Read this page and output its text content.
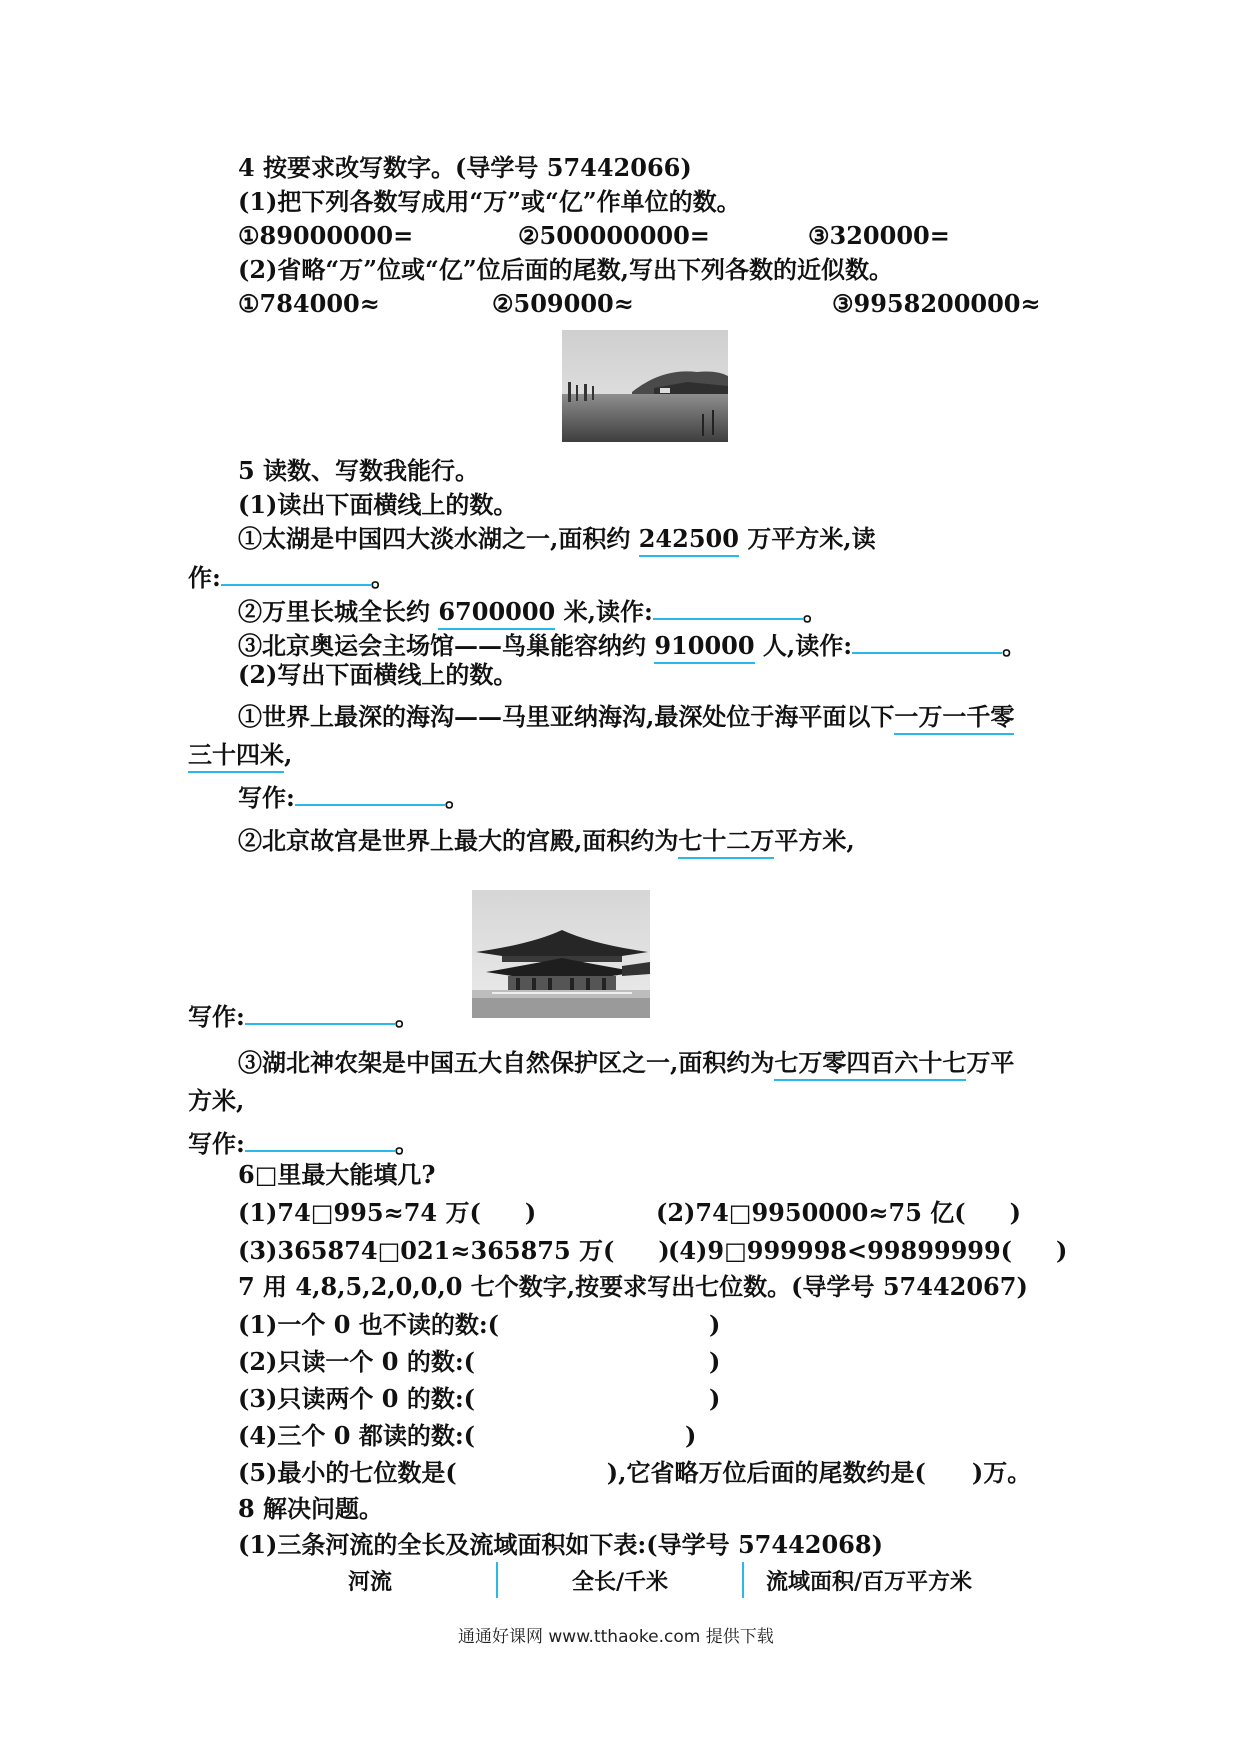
4 按要求改写数字。(导学号 57442066)
(1)把下列各数写成用“万”或“亿”作单位的数。
①89000000=	②500000000=	③320000=
(2)省略“万”位或“亿”位后面的尾数,写出下列各数的近似数。
①784000≈	②509000≈	③9958200000≈
5 读数、写数我能行。
(1)读出下面横线上的数。
①太湖是中国四大淡水湖之一,面积约 242500 万平方米,读
作:	。
②万里长城全长约 6700000 米,读作:	。
③北京奥运会主场馆——鸟巢能容纳约 910000 人,读作:	。
(2)写出下面横线上的数。
①世界上最深的海沟——马里亚纳海沟,最深处位于海平面以下一万一千零
三十四米,
写作:	。
②北京故宫是世界上最大的宫殿,面积约为七十二万平方米,
写作:	。
③湖北神农架是中国五大自然保护区之一,面积约为七万零四百六十七万平
方米,
写作:	。
6□里最大能填几?
(1)74□995≈74 万( )	(2)74□9950000≈75 亿( )
(3)365874□021≈365875 万( )
(4)9□999998<99899999( )
7 用 4,8,5,2,0,0,0 七个数字,按要求写出七位数。(导学号 57442067)
(1)一个 0 也不读的数:(	)
(2)只读一个 0 的数:(	)
(3)只读两个 0 的数:(	)
(4)三个 0 都读的数:(	)
(5)最小的七位数是(	),它省略万位后面的尾数约是( )万。
8 解决问题。
(1)三条河流的全长及流域面积如下表:(导学号 57442068)
河流	全长/千米	流域面积/百万平方米
通通好课网 www.tthaoke.com 提供下载
